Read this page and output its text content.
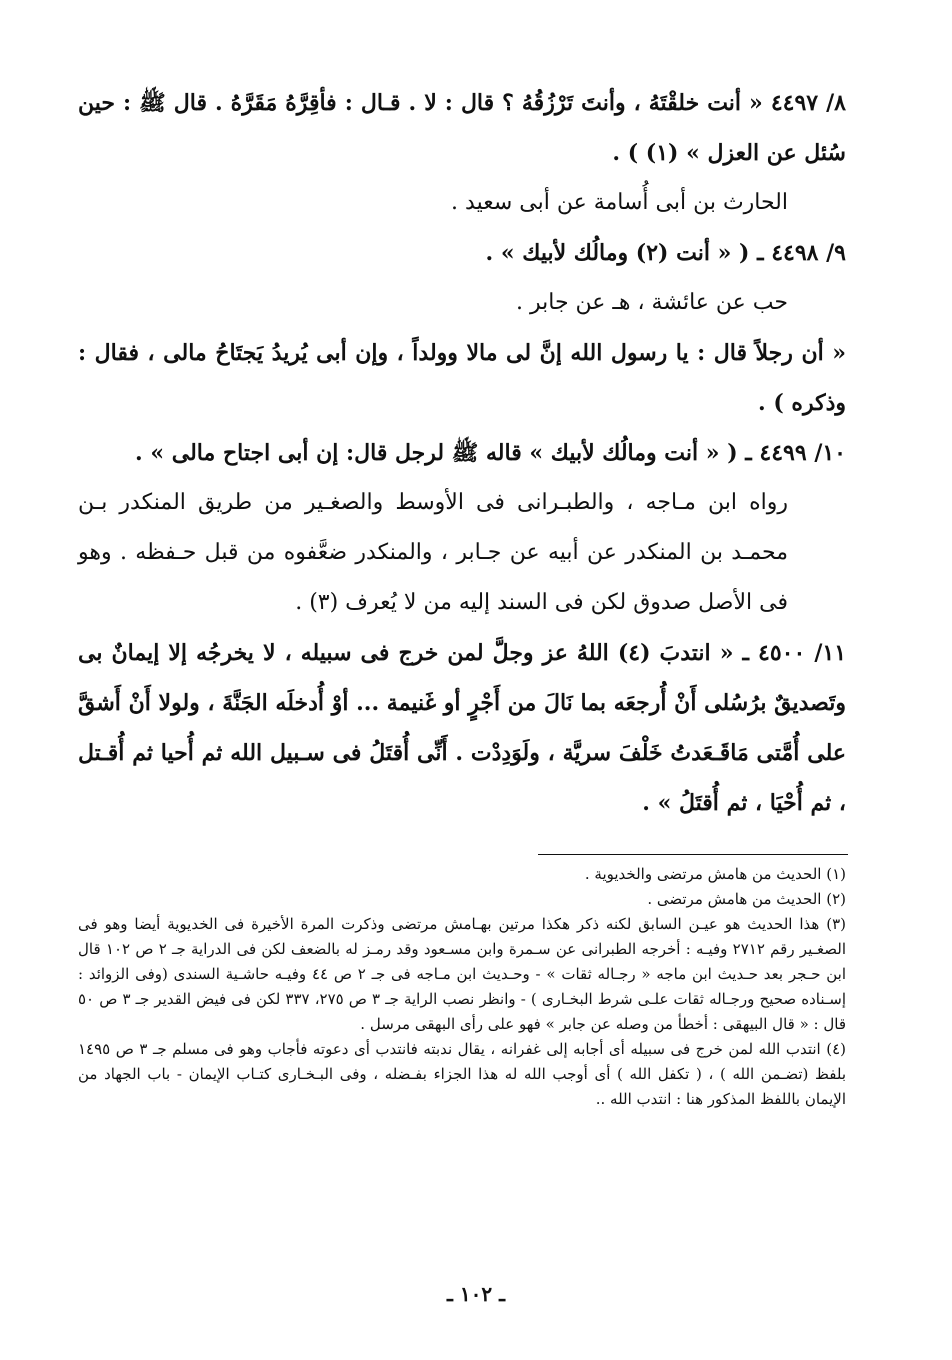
٨/ ٤٤٩٧ « أنت خلقْتَهُ ، وأنتَ تَرْزُقُهُ ؟ قال : لا . قـال : فأقِرَّهُ مَقَرَّهُ . قال ﷺ : حين سُئل عن العزل » (١) ) .

الحارث بن أبى أُسامة عن أبى سعيد .

٩/ ٤٤٩٨ ـ ( « أنت (٢) ومالُك لأبيك » .

حب عن عائشة ، هـ عن جابر .

« أن رجلاً قال : يا رسول الله إنَّ لى مالا وولداً ، وإن أبى يُريدُ يَجتَاحُ مالى ، فقال : وذكره ) .

١٠/ ٤٤٩٩ ـ ( « أنت ومالُك لأبيك » قاله ﷺ لرجل قال: إن أبى اجتاح مالى » .

رواه ابن مـاجه ، والطبـرانى فى الأوسط والصغـير من طريق المنكدر بـن محمـد بن المنكدر عن أبيه عن جـابر ، والمنكدر ضعَّفوه من قبل حـفظه . وهو فى الأصل صدوق لكن فى السند إليه من لا يُعرف (٣) .

١١/ ٤٥٠٠ ـ « انتدبَ (٤) اللهُ عز وجلَّ لمن خرج فى سبيله ، لا يخرجُه إلا إيمانٌ بى وتَصديقٌ برُسُلى أَنْ أُرجعَه بما نَالَ من أَجْرٍ أو غَنيمة ... أوْ أُدخلَه الجَنَّةَ ، ولولا أَنْ أَشقَّ على أُمَّتى مَاقَـعَدتُ خَلْفَ سريَّة ، ولَوَدِدْت . أَنِّى أُقتَلُ فى سـبيل الله ثم أُحيا ثم أُقـتل ، ثم أُحْيَا ، ثم أُقتَلُ » .

(١) الحديث من هامش مرتضى والخديوية .

(٢) الحديث من هامش مرتضى .

(٣) هذا الحديث هو عيـن السابق لكنه ذكر هكذا مرتين بهـامش مرتضى وذكرت المرة الأخيرة فى الخديوية أيضا وهو فى الصغـير رقم ٢٧١٢ وفيـه : أخرجه الطبرانى عن سـمرة وابن مسـعود وقد رمـز له بالضعف لكن فى الدراية جـ ٢ ص ١٠٢ قال ابن حـجر بعد حـديث ابن ماجه « رجـاله ثقات » - وحـديث ابن مـاجه فى جـ ٢ ص ٤٤ وفيـه حاشـية السندى (وفى الزوائد : إسـناده صحيح ورجـاله ثقات علـى شرط البخـارى ) - وانظر نصب الراية جـ ٣ ص ٢٧٥، ٣٣٧ لكن فى فيض القدير جـ ٣ ص ٥٠ قال : « قال البيهقى : أخطأ من وصله عن جابر » فهو على رأى البهقى مرسل .

(٤) انتدب الله لمن خرج فى سبيله أى أجابه إلى غفرانه ، يقال ندبته فانتدب أى دعوته فأجاب وهو فى مسلم جـ ٣ ص ١٤٩٥ بلفظ (تضـمن الله ) ، ( تكفل الله ) أى أوجب الله له هذا الجزاء بفـضله ، وفى البـخـارى كتـاب الإيمان - باب الجهاد من الإيمان باللفظ المذكور هنا : انتدب الله ..

ـ ١٠٢ ـ
